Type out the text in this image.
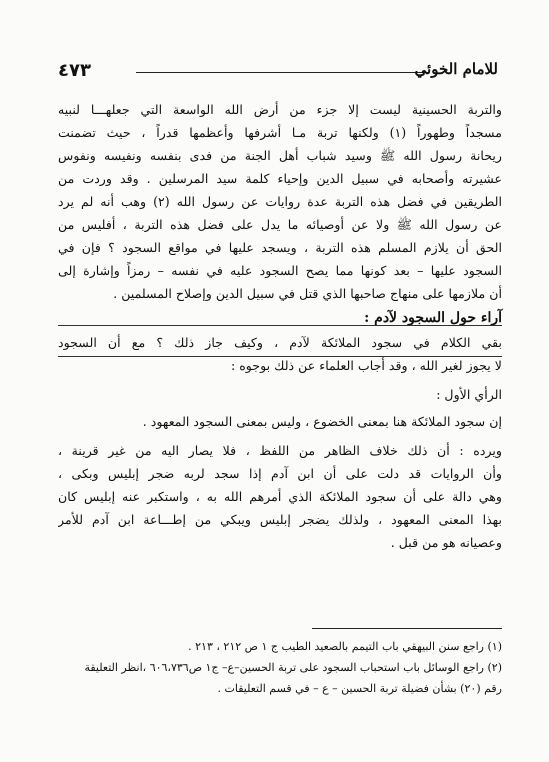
٤٧٣	للامام الخوئي

والتربة الحسينية ليست إلا جزء من أرض الله الواسعة التي جعلهـــا لنبيه
مسجداً وطهوراً (١) ولكنها تربة مـا أشرفها وأعظمها قدراً ، حيث تضمنت
ريحانة رسول الله ﷺ وسيد شباب أهل الجنة من فدى بنفسه ونفيسه ونفوس
عشيرته وأصحابه في سبيل الدين وإحياء كلمة سيد المرسلين . وقد وردت من
الطريقين في فضل هذه التربة عدة روايات عن رسول الله (٢) وهب أنه لم يرد
عن رسول الله ﷺ ولا عن أوصيائه ما يدل على فضل هذه التربة ، أفليس من
الحق أن يلازم المسلم هذه التربة ، ويسجد عليها في مواقع السجود ؟ فإن في
السجود عليها – بعد كونها مما يصح السجود عليه في نفسه – رمزاً وإشارة إلى
أن ملازمها على منهاج صاحبها الذي قتل في سبيل الدين وإصلاح المسلمين .

آراء حول السجود لآدم :

بقي الكلام في سجود الملائكة لآدم ، وكيف جاز ذلك ؟ مع أن السجود
لا يجوز لغير الله ، وقد أجاب العلماء عن ذلك بوجوه :

الرأي الأول :

إن سجود الملائكة هنا بمعنى الخضوع ، وليس بمعنى السجود المعهود .

ويرده : أن ذلك خلاف الظاهر من اللفظ ، فلا يصار اليه من غير قرينة ،
وأن الروايات قد دلت على أن ابن آدم إذا سجد لربه ضجر إبليس وبكى ،
وهي دالة على أن سجود الملائكة الذي أمرهم الله به ، واستكبر عنه إبليس كان
بهذا المعنى المعهود ، ولذلك يضجر إبليس ويبكي من إطـــاعة ابن آدم للأمر
وعصيانه هو من قبل .

(١) راجع سنن البيهقي باب التيمم بالصعيد الطيب ج ١ ص ٢١٢ ، ٢١٣ .
(٢) راجع الوسائل باب استحباب السجود على تربة الحسين–ع– ج١ ص٦٠٦،٧٣٦ ،انظر التعليقة
رقم (٢٠) بشأن فضيلة تربة الحسين – ع – في قسم التعليقات .
